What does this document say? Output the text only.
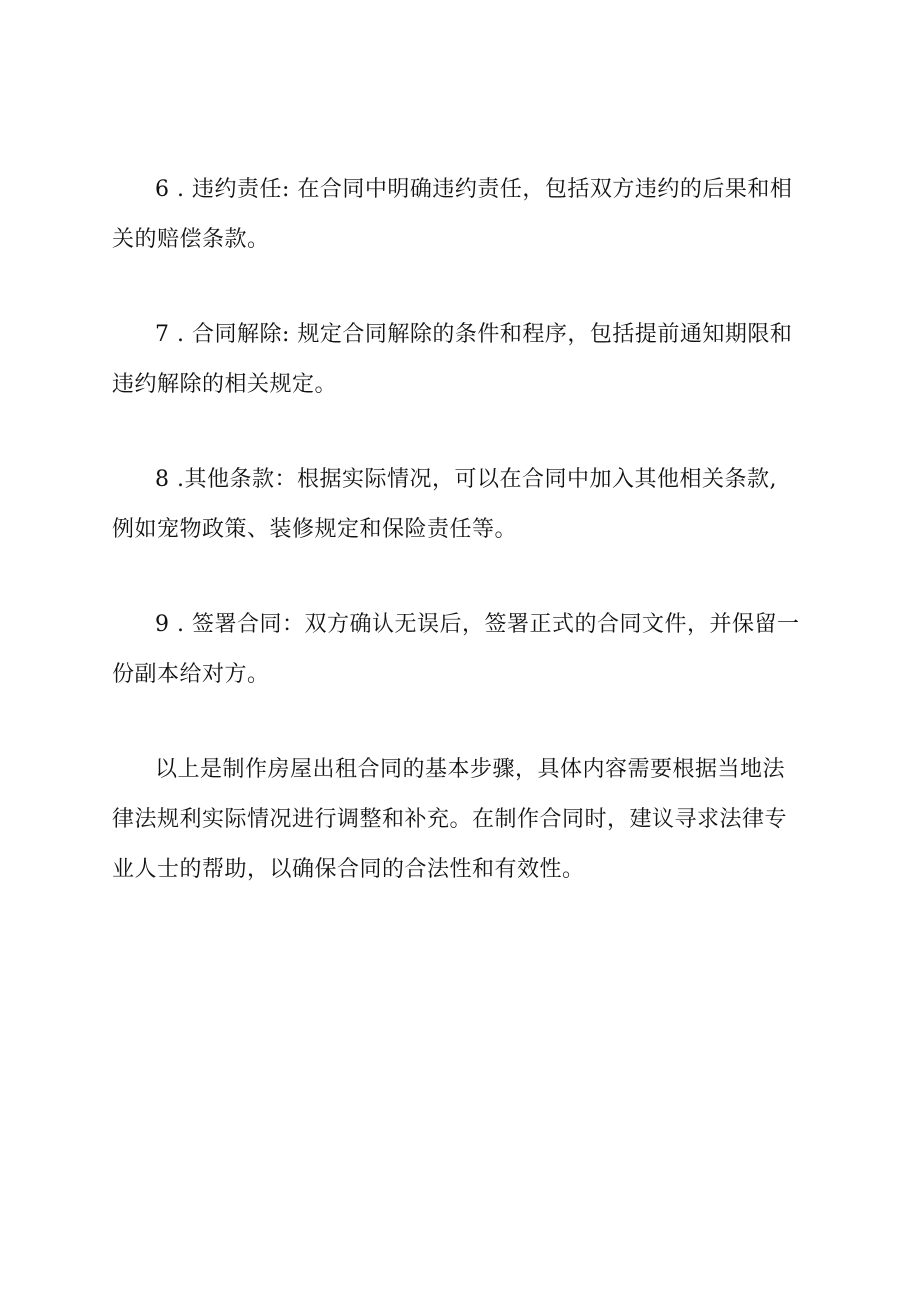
6 . 违约责任: 在合同中明确违约责任，包括双方违约的后果和相
关的赔偿条款。

7 . 合同解除: 规定合同解除的条件和程序，包括提前通知期限和
违约解除的相关规定。

8 .其他条款：根据实际情况，可以在合同中加入其他相关条款,
例如宠物政策、装修规定和保险责任等。

9 . 签署合同：双方确认无误后，签署正式的合同文件，并保留一
份副本给对方。

以上是制作房屋出租合同的基本步骤，具体内容需要根据当地法
律法规利实际情况进行调整和补充。在制作合同时，建议寻求法律专
业人士的帮助，以确保合同的合法性和有效性。
